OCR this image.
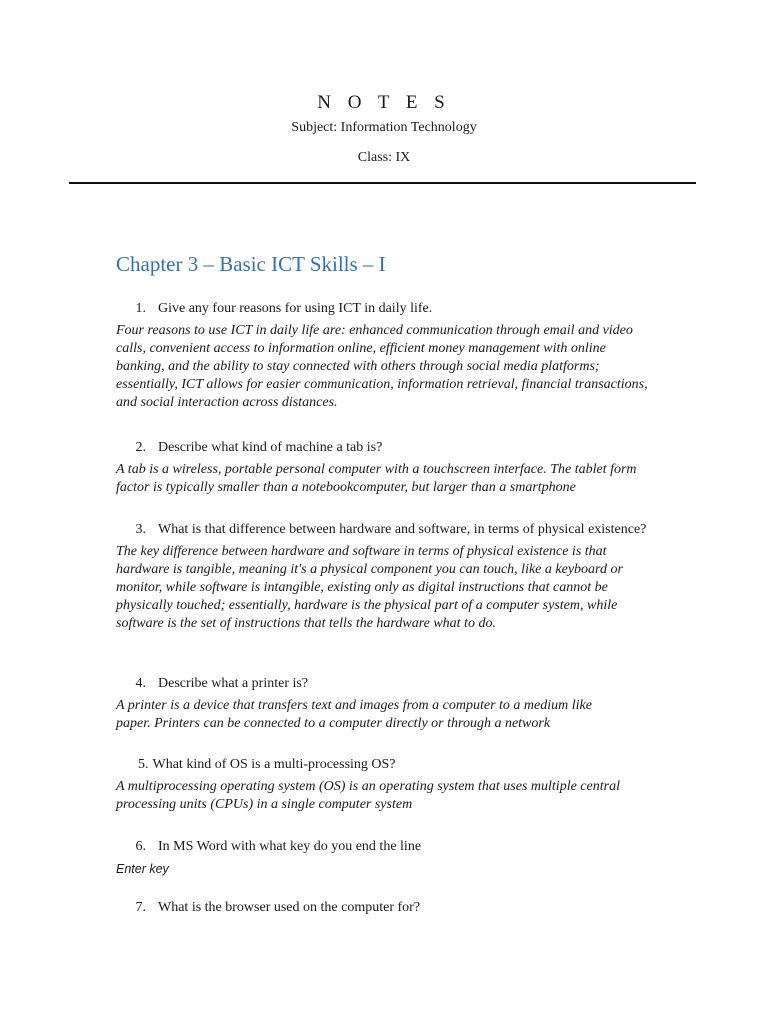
N O T E S
Subject: Information Technology
Class: IX
Chapter 3 – Basic ICT Skills – I
1. Give any four reasons for using ICT in daily life.
Four reasons to use ICT in daily life are: enhanced communication through email and video calls, convenient access to information online, efficient money management with online banking, and the ability to stay connected with others through social media platforms; essentially, ICT allows for easier communication, information retrieval, financial transactions, and social interaction across distances.
2. Describe what kind of machine a tab is?
A tab is a wireless, portable personal computer with a touchscreen interface. The tablet form factor is typically smaller than a notebookcomputer, but larger than a smartphone
3. What is that difference between hardware and software, in terms of physical existence?
The key difference between hardware and software in terms of physical existence is that hardware is tangible, meaning it's a physical component you can touch, like a keyboard or monitor, while software is intangible, existing only as digital instructions that cannot be physically touched; essentially, hardware is the physical part of a computer system, while software is the set of instructions that tells the hardware what to do.
4. Describe what a printer is?
A printer is a device that transfers text and images from a computer to a medium like paper. Printers can be connected to a computer directly or through a network
5. What kind of OS is a multi-processing OS?
A multiprocessing operating system (OS) is an operating system that uses multiple central processing units (CPUs) in a single computer system
6. In MS Word with what key do you end the line
Enter key
7. What is the browser used on the computer for?
